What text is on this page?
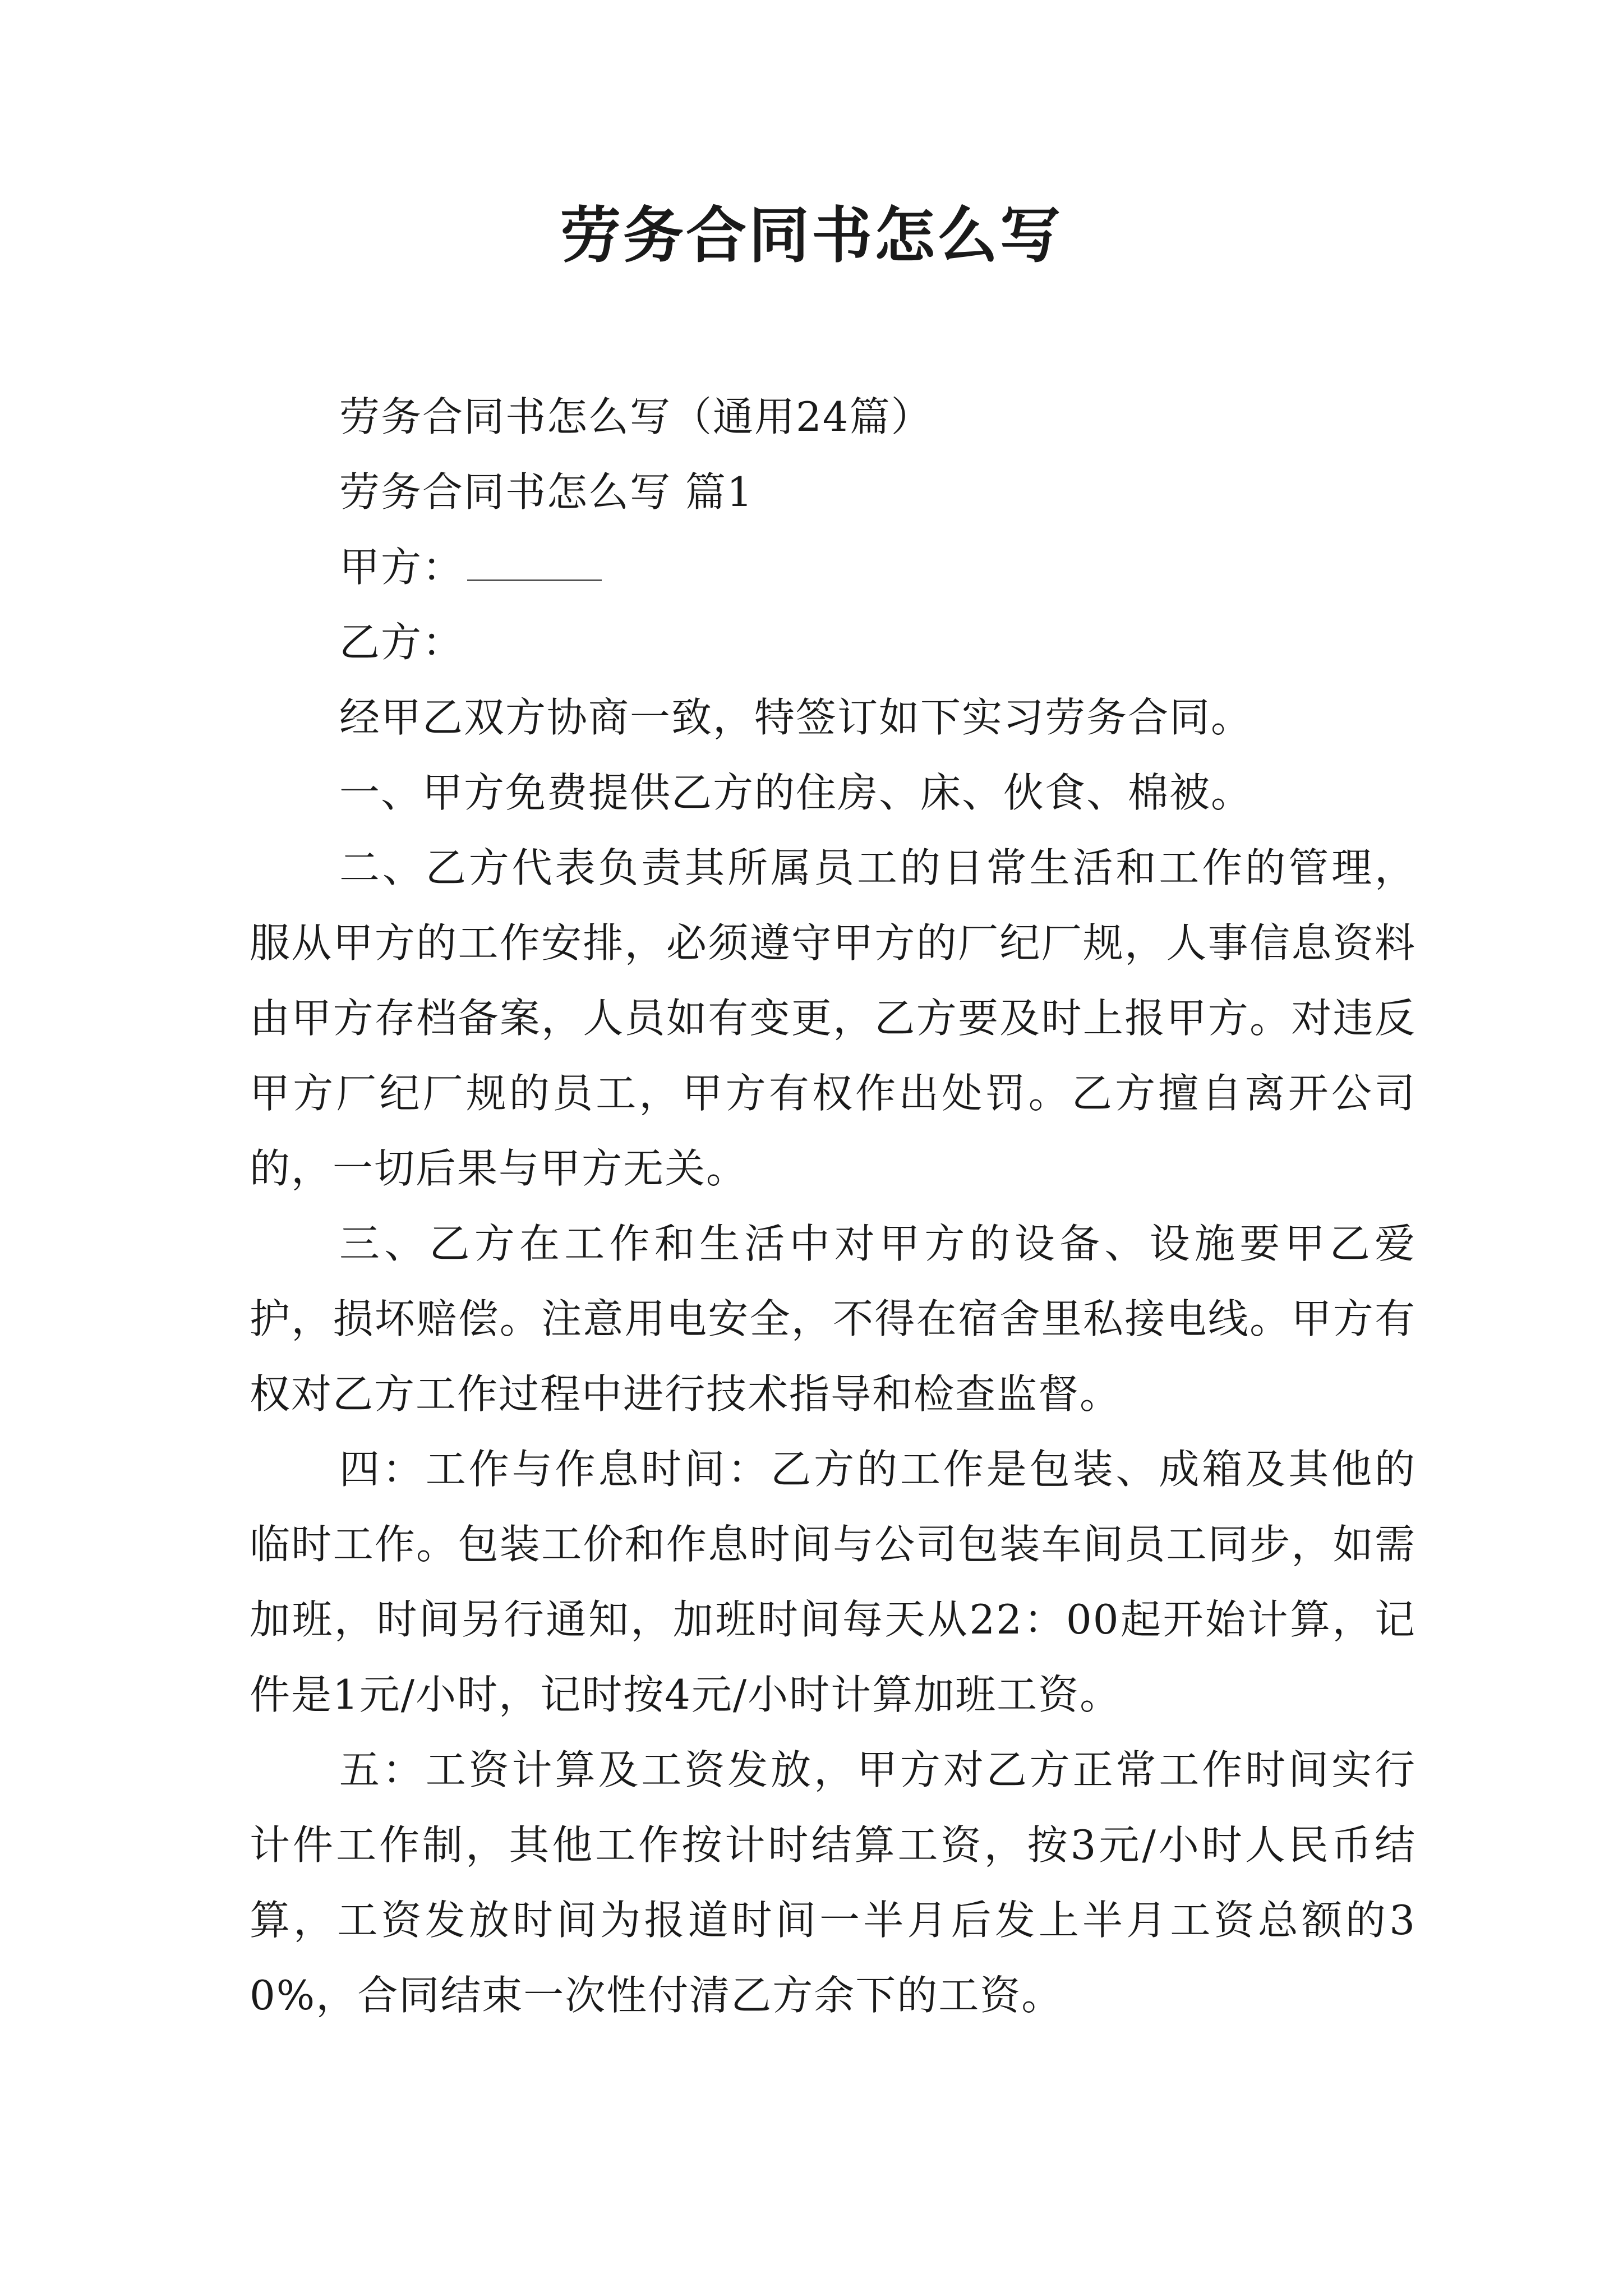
劳务合同书怎么写

劳务合同书怎么写（通用24篇）

劳务合同书怎么写 篇1

甲方：

乙方：

经甲乙双方协商一致，特签订如下实习劳务合同。

一、甲方免费提供乙方的住房、床、伙食、棉被。

二、乙方代表负责其所属员工的日常生活和工作的管理，服从甲方的工作安排，必须遵守甲方的厂纪厂规，人事信息资料由甲方存档备案，人员如有变更，乙方要及时上报甲方。对违反甲方厂纪厂规的员工，甲方有权作出处罚。乙方擅自离开公司的，一切后果与甲方无关。

三、乙方在工作和生活中对甲方的设备、设施要甲乙爱护，损坏赔偿。注意用电安全，不得在宿舍里私接电线。甲方有权对乙方工作过程中进行技术指导和检查监督。

四：工作与作息时间：乙方的工作是包装、成箱及其他的临时工作。包装工价和作息时间与公司包装车间员工同步，如需加班，时间另行通知，加班时间每天从22：00起开始计算，记件是1元/小时，记时按4元/小时计算加班工资。

五：工资计算及工资发放，甲方对乙方正常工作时间实行计件工作制，其他工作按计时结算工资，按3元/小时人民币结算，工资发放时间为报道时间一半月后发上半月工资总额的30%，合同结束一次性付清乙方余下的工资。
